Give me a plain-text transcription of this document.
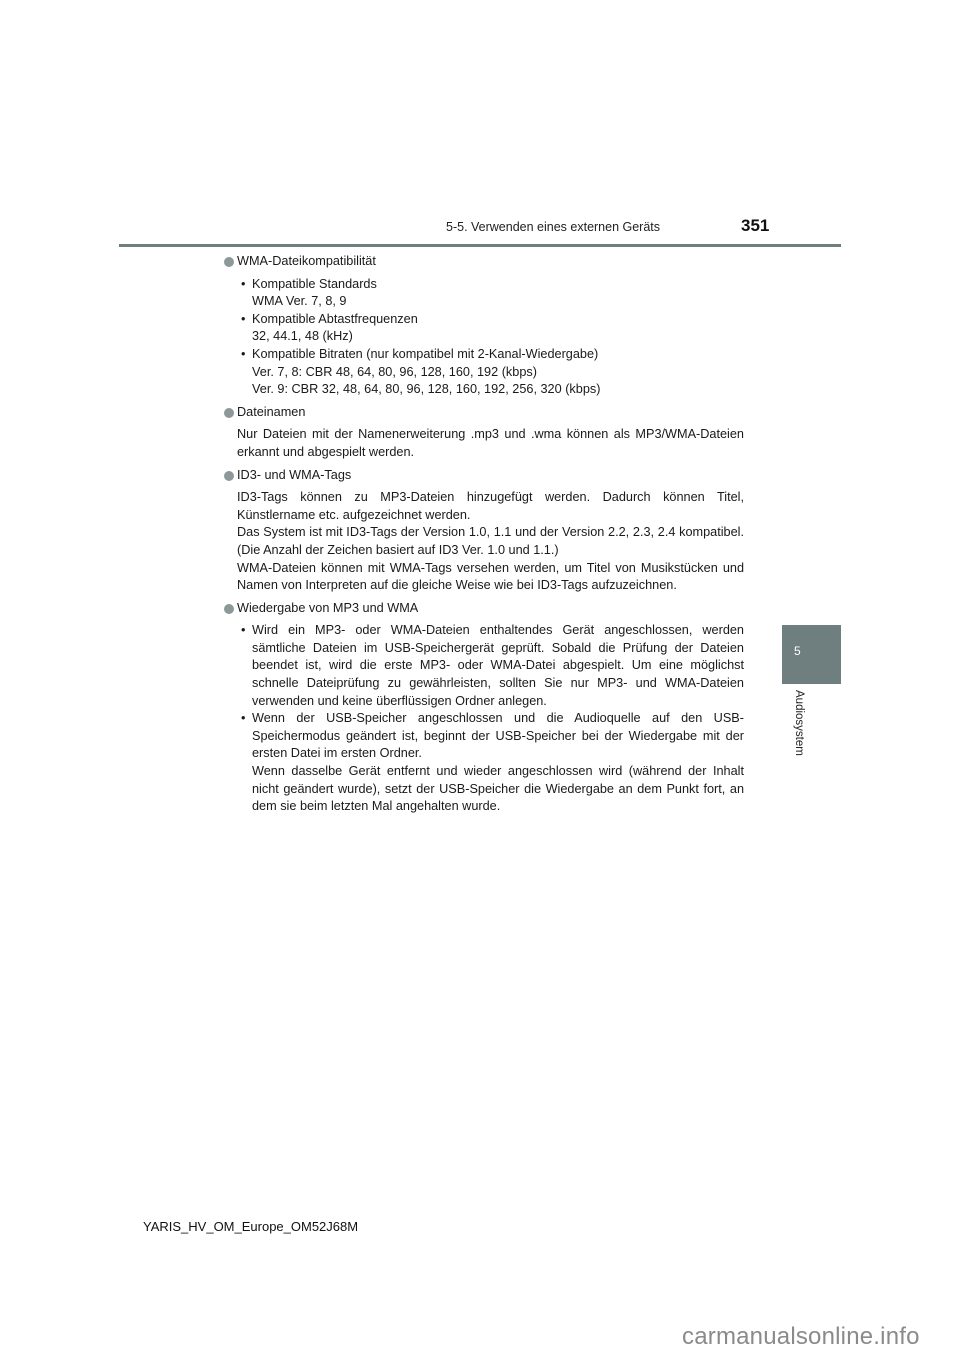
5-5. Verwenden eines externen Geräts	351
5
Audiosystem
WMA-Dateikompatibilität
• Kompatible Standards
WMA Ver. 7, 8, 9
• Kompatible Abtastfrequenzen
32, 44.1, 48 (kHz)
• Kompatible Bitraten (nur kompatibel mit 2-Kanal-Wiedergabe)
Ver. 7, 8: CBR 48, 64, 80, 96, 128, 160, 192 (kbps)
Ver. 9: CBR 32, 48, 64, 80, 96, 128, 160, 192, 256, 320 (kbps)
Dateinamen
Nur Dateien mit der Namenerweiterung .mp3 und .wma können als MP3/WMA-Dateien erkannt und abgespielt werden.
ID3- und WMA-Tags
ID3-Tags können zu MP3-Dateien hinzugefügt werden. Dadurch können Titel, Künstlername etc. aufgezeichnet werden.
Das System ist mit ID3-Tags der Version 1.0, 1.1 und der Version 2.2, 2.3, 2.4 kompatibel. (Die Anzahl der Zeichen basiert auf ID3 Ver. 1.0 und 1.1.)
WMA-Dateien können mit WMA-Tags versehen werden, um Titel von Musikstücken und Namen von Interpreten auf die gleiche Weise wie bei ID3-Tags aufzuzeichnen.
Wiedergabe von MP3 und WMA
• Wird ein MP3- oder WMA-Dateien enthaltendes Gerät angeschlossen, werden sämtliche Dateien im USB-Speichergerät geprüft. Sobald die Prüfung der Dateien beendet ist, wird die erste MP3- oder WMA-Datei abgespielt. Um eine möglichst schnelle Dateiprüfung zu gewährleisten, sollten Sie nur MP3- und WMA-Dateien verwenden und keine überflüssigen Ordner anlegen.
• Wenn der USB-Speicher angeschlossen und die Audioquelle auf den USB-Speichermodus geändert ist, beginnt der USB-Speicher bei der Wiedergabe mit der ersten Datei im ersten Ordner.
Wenn dasselbe Gerät entfernt und wieder angeschlossen wird (während der Inhalt nicht geändert wurde), setzt der USB-Speicher die Wiedergabe an dem Punkt fort, an dem sie beim letzten Mal angehalten wurde.
YARIS_HV_OM_Europe_OM52J68M
carmanualsonline.info
